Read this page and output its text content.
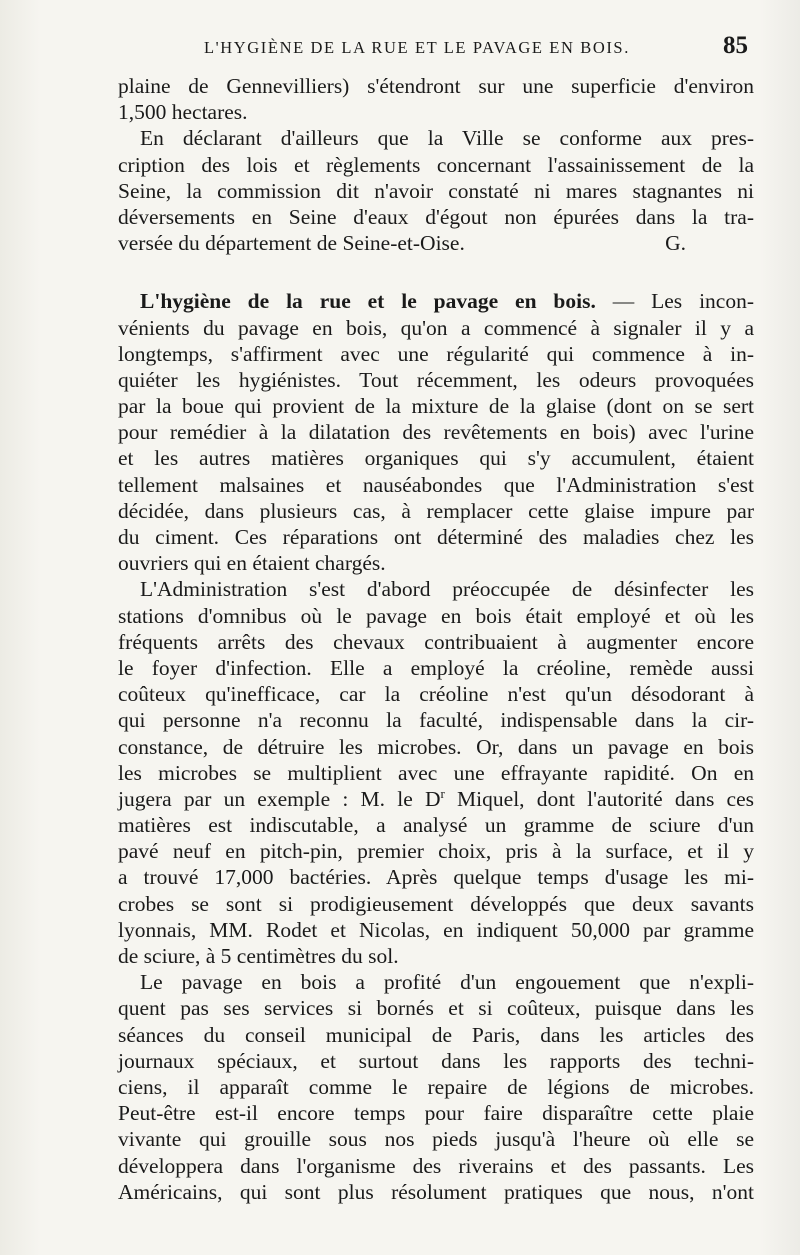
L'HYGIÈNE DE LA RUE ET LE PAVAGE EN BOIS.	85
plaine de Gennevilliers) s'étendront sur une superficie d'environ
1,500 hectares.
En déclarant d'ailleurs que la Ville se conforme aux pres-
cription des lois et règlements concernant l'assainissement de la
Seine, la commission dit n'avoir constaté ni mares stagnantes ni
déversements en Seine d'eaux d'égout non épurées dans la tra-
versée du département de Seine-et-Oise.	G.
L'hygiène de la rue et le pavage en bois. — Les incon-
vénients du pavage en bois, qu'on a commencé à signaler il y a
longtemps, s'affirment avec une régularité qui commence à in-
quiéter les hygiénistes. Tout récemment, les odeurs provoquées
par la boue qui provient de la mixture de la glaise (dont on se sert
pour remédier à la dilatation des revêtements en bois) avec l'urine
et les autres matières organiques qui s'y accumulent, étaient
tellement malsaines et nauséabondes que l'Administration s'est
décidée, dans plusieurs cas, à remplacer cette glaise impure par
du ciment. Ces réparations ont déterminé des maladies chez les
ouvriers qui en étaient chargés.
L'Administration s'est d'abord préoccupée de désinfecter les
stations d'omnibus où le pavage en bois était employé et où les
fréquents arrêts des chevaux contribuaient à augmenter encore
le foyer d'infection. Elle a employé la créoline, remède aussi
coûteux qu'inefficace, car la créoline n'est qu'un désodorant à
qui personne n'a reconnu la faculté, indispensable dans la cir-
constance, de détruire les microbes. Or, dans un pavage en bois
les microbes se multiplient avec une effrayante rapidité. On en
jugera par un exemple : M. le $D^r$ Miquel, dont l'autorité dans ces
matières est indiscutable, a analysé un gramme de sciure d'un
pavé neuf en pitch-pin, premier choix, pris à la surface, et il y
a trouvé 17,000 bactéries. Après quelque temps d'usage les mi-
crobes se sont si prodigieusement développés que deux savants
lyonnais, MM. Rodet et Nicolas, en indiquent 50,000 par gramme
de sciure, à 5 centimètres du sol.
Le pavage en bois a profité d'un engouement que n'expli-
quent pas ses services si bornés et si coûteux, puisque dans les
séances du conseil municipal de Paris, dans les articles des
journaux spéciaux, et surtout dans les rapports des techni-
ciens, il apparaît comme le repaire de légions de microbes.
Peut-être est-il encore temps pour faire disparaître cette plaie
vivante qui grouille sous nos pieds jusqu'à l'heure où elle se
développera dans l'organisme des riverains et des passants. Les
Américains, qui sont plus résolument pratiques que nous, n'ont
